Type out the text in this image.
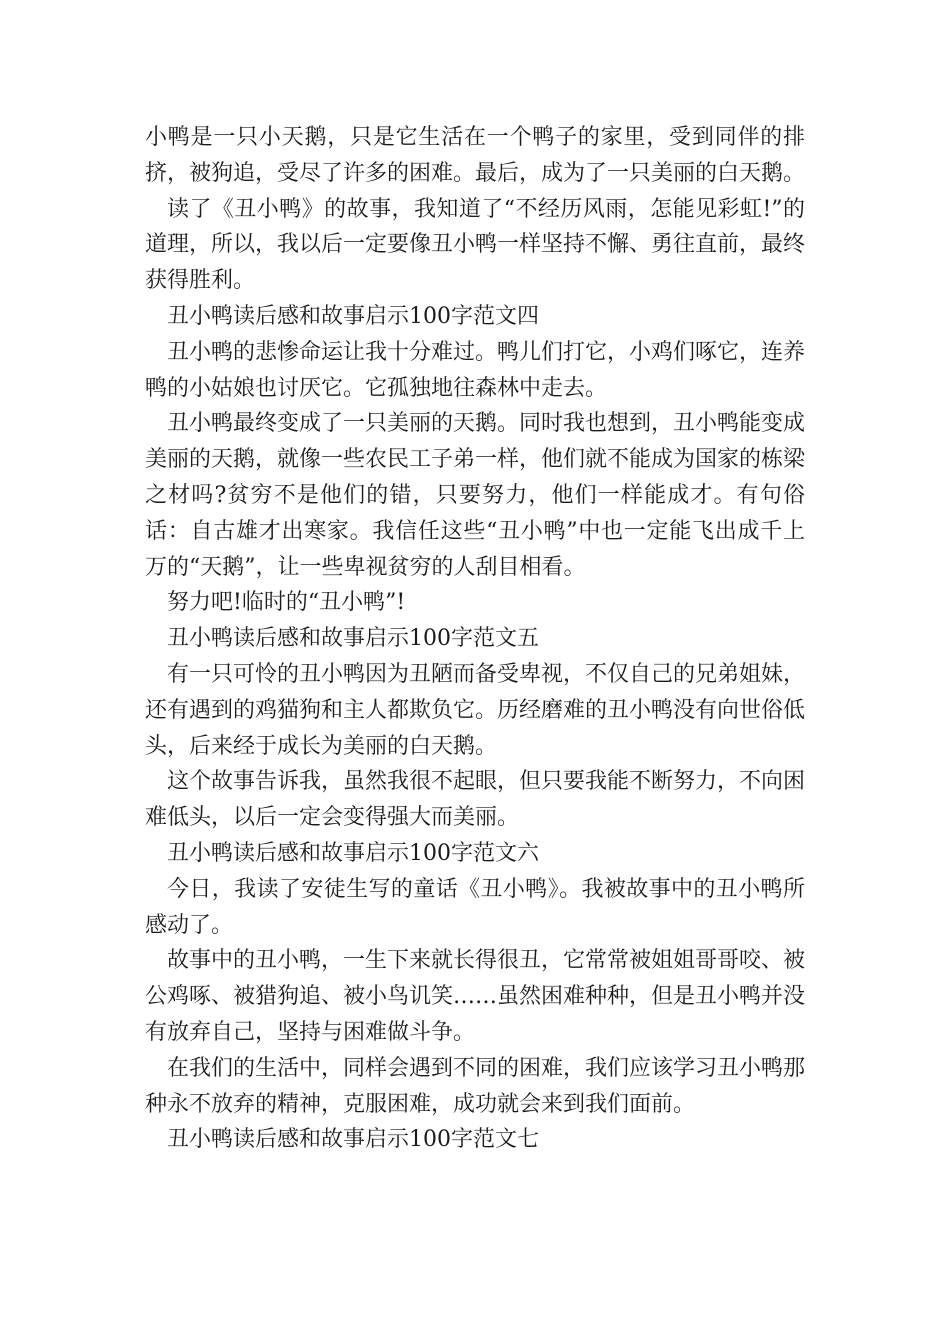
小鸭是一只小天鹅，只是它生活在一个鸭子的家里，受到同伴的排挤，被狗追，受尽了许多的困难。最后，成为了一只美丽的白天鹅。

读了《丑小鸭》的故事，我知道了“不经历风雨，怎能见彩虹!”的道理，所以，我以后一定要像丑小鸭一样坚持不懈、勇往直前，最终获得胜利。

丑小鸭读后感和故事启示100字范文四

丑小鸭的悲惨命运让我十分难过。鸭儿们打它，小鸡们啄它，连养鸭的小姑娘也讨厌它。它孤独地往森林中走去。

丑小鸭最终变成了一只美丽的天鹅。同时我也想到，丑小鸭能变成美丽的天鹅，就像一些农民工子弟一样，他们就不能成为国家的栋梁之材吗?贫穷不是他们的错，只要努力，他们一样能成才。有句俗话：自古雄才出寒家。我信任这些“丑小鸭”中也一定能飞出成千上万的“天鹅”，让一些卑视贫穷的人刮目相看。

努力吧!临时的“丑小鸭”!

丑小鸭读后感和故事启示100字范文五

有一只可怜的丑小鸭因为丑陋而备受卑视，不仅自己的兄弟姐妹，还有遇到的鸡猫狗和主人都欺负它。历经磨难的丑小鸭没有向世俗低头，后来经于成长为美丽的白天鹅。

这个故事告诉我，虽然我很不起眼，但只要我能不断努力，不向困难低头，以后一定会变得强大而美丽。

丑小鸭读后感和故事启示100字范文六

今日，我读了安徒生写的童话《丑小鸭》。我被故事中的丑小鸭所感动了。

故事中的丑小鸭，一生下来就长得很丑，它常常被姐姐哥哥咬、被公鸡啄、被猎狗追、被小鸟讥笑……虽然困难种种，但是丑小鸭并没有放弃自己，坚持与困难做斗争。

在我们的生活中，同样会遇到不同的困难，我们应该学习丑小鸭那种永不放弃的精神，克服困难，成功就会来到我们面前。

丑小鸭读后感和故事启示100字范文七
